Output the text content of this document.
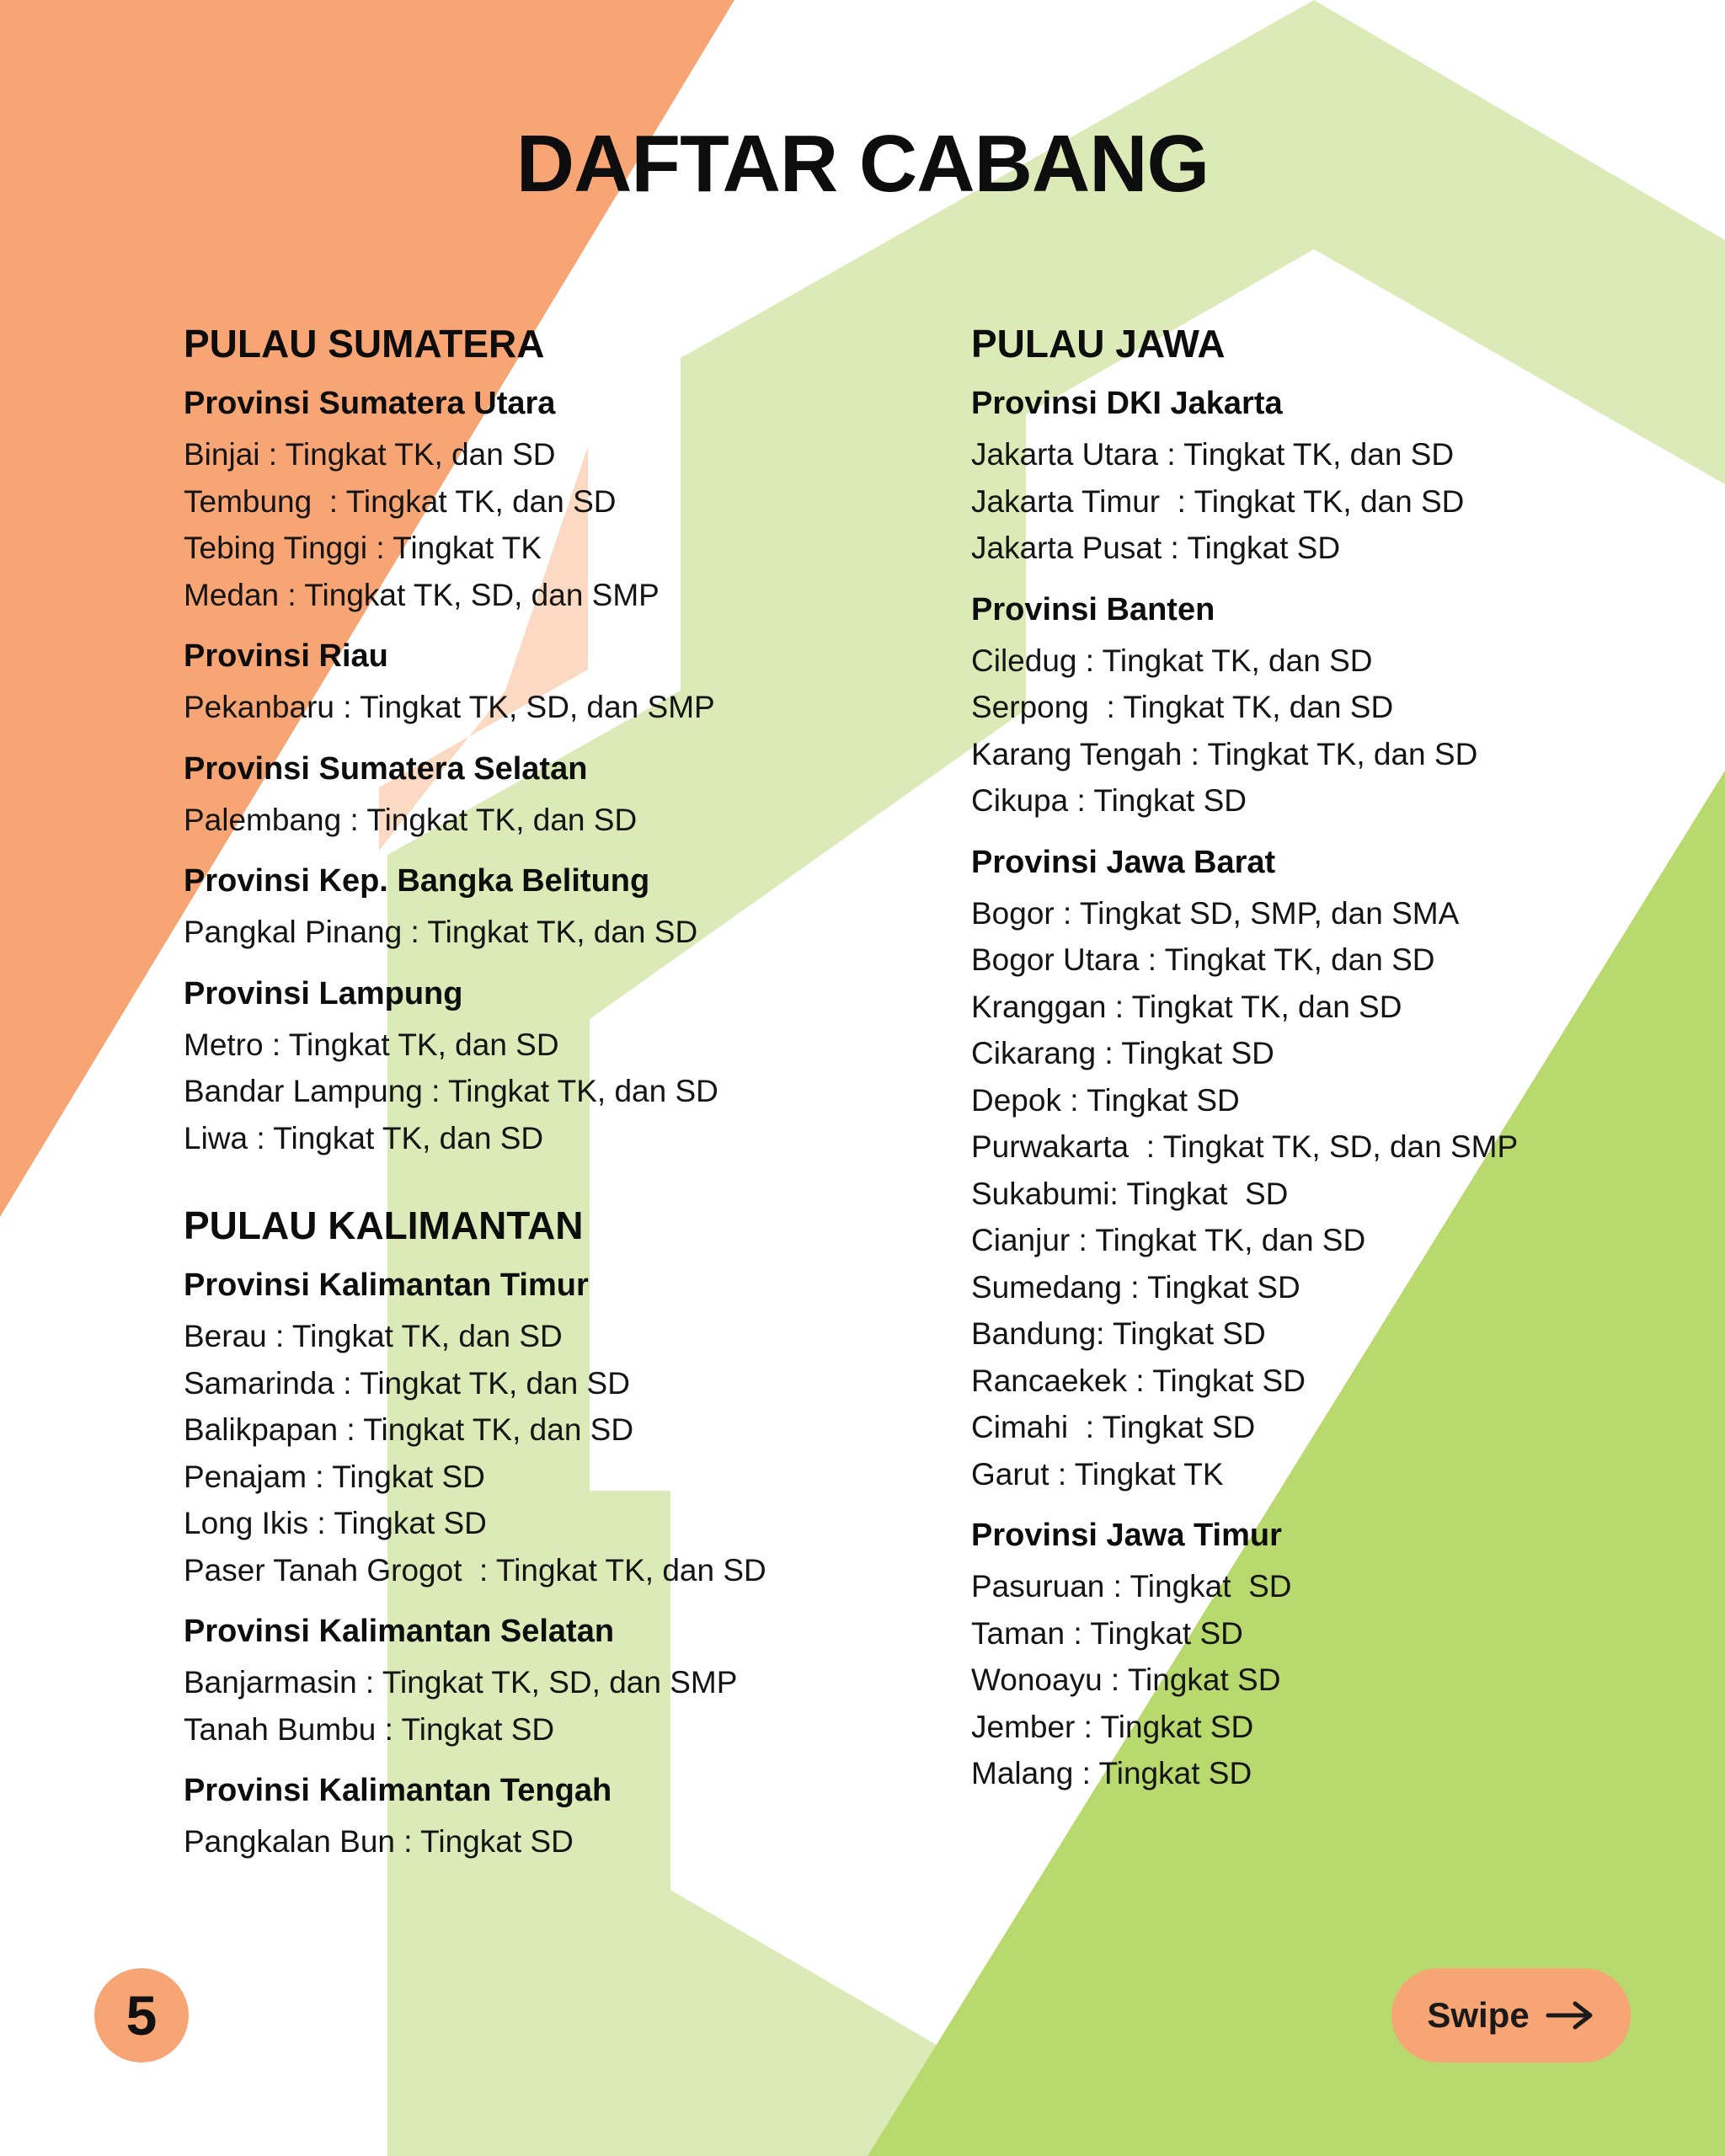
DAFTAR CABANG
PULAU SUMATERA
Provinsi Sumatera Utara
Binjai : Tingkat TK, dan SD
Tembung  : Tingkat TK, dan SD
Tebing Tinggi : Tingkat TK
Medan : Tingkat TK, SD, dan SMP
Provinsi Riau
Pekanbaru : Tingkat TK, SD, dan SMP
Provinsi Sumatera Selatan
Palembang : Tingkat TK, dan SD
Provinsi Kep. Bangka Belitung
Pangkal Pinang : Tingkat TK, dan SD
Provinsi Lampung
Metro : Tingkat TK, dan SD
Bandar Lampung : Tingkat TK, dan SD
Liwa : Tingkat TK, dan SD
PULAU KALIMANTAN
Provinsi Kalimantan Timur
Berau : Tingkat TK, dan SD
Samarinda : Tingkat TK, dan SD
Balikpapan : Tingkat TK, dan SD
Penajam : Tingkat SD
Long Ikis : Tingkat SD
Paser Tanah Grogot  : Tingkat TK, dan SD
Provinsi Kalimantan Selatan
Banjarmasin : Tingkat TK, SD, dan SMP
Tanah Bumbu : Tingkat SD
Provinsi Kalimantan Tengah
Pangkalan Bun : Tingkat SD
PULAU JAWA
Provinsi DKI Jakarta
Jakarta Utara : Tingkat TK, dan SD
Jakarta Timur  : Tingkat TK, dan SD
Jakarta Pusat : Tingkat SD
Provinsi Banten
Ciledug : Tingkat TK, dan SD
Serpong  : Tingkat TK, dan SD
Karang Tengah : Tingkat TK, dan SD
Cikupa : Tingkat SD
Provinsi Jawa Barat
Bogor : Tingkat SD, SMP, dan SMA
Bogor Utara : Tingkat TK, dan SD
Kranggan : Tingkat TK, dan SD
Cikarang : Tingkat SD
Depok : Tingkat SD
Purwakarta  : Tingkat TK, SD, dan SMP
Sukabumi: Tingkat  SD
Cianjur : Tingkat TK, dan SD
Sumedang : Tingkat SD
Bandung: Tingkat SD
Rancaekek : Tingkat SD
Cimahi  : Tingkat SD
Garut : Tingkat TK
Provinsi Jawa Timur
Pasuruan : Tingkat  SD
Taman : Tingkat SD
Wonoayu : Tingkat SD
Jember : Tingkat SD
Malang : Tingkat SD
5	Swipe
